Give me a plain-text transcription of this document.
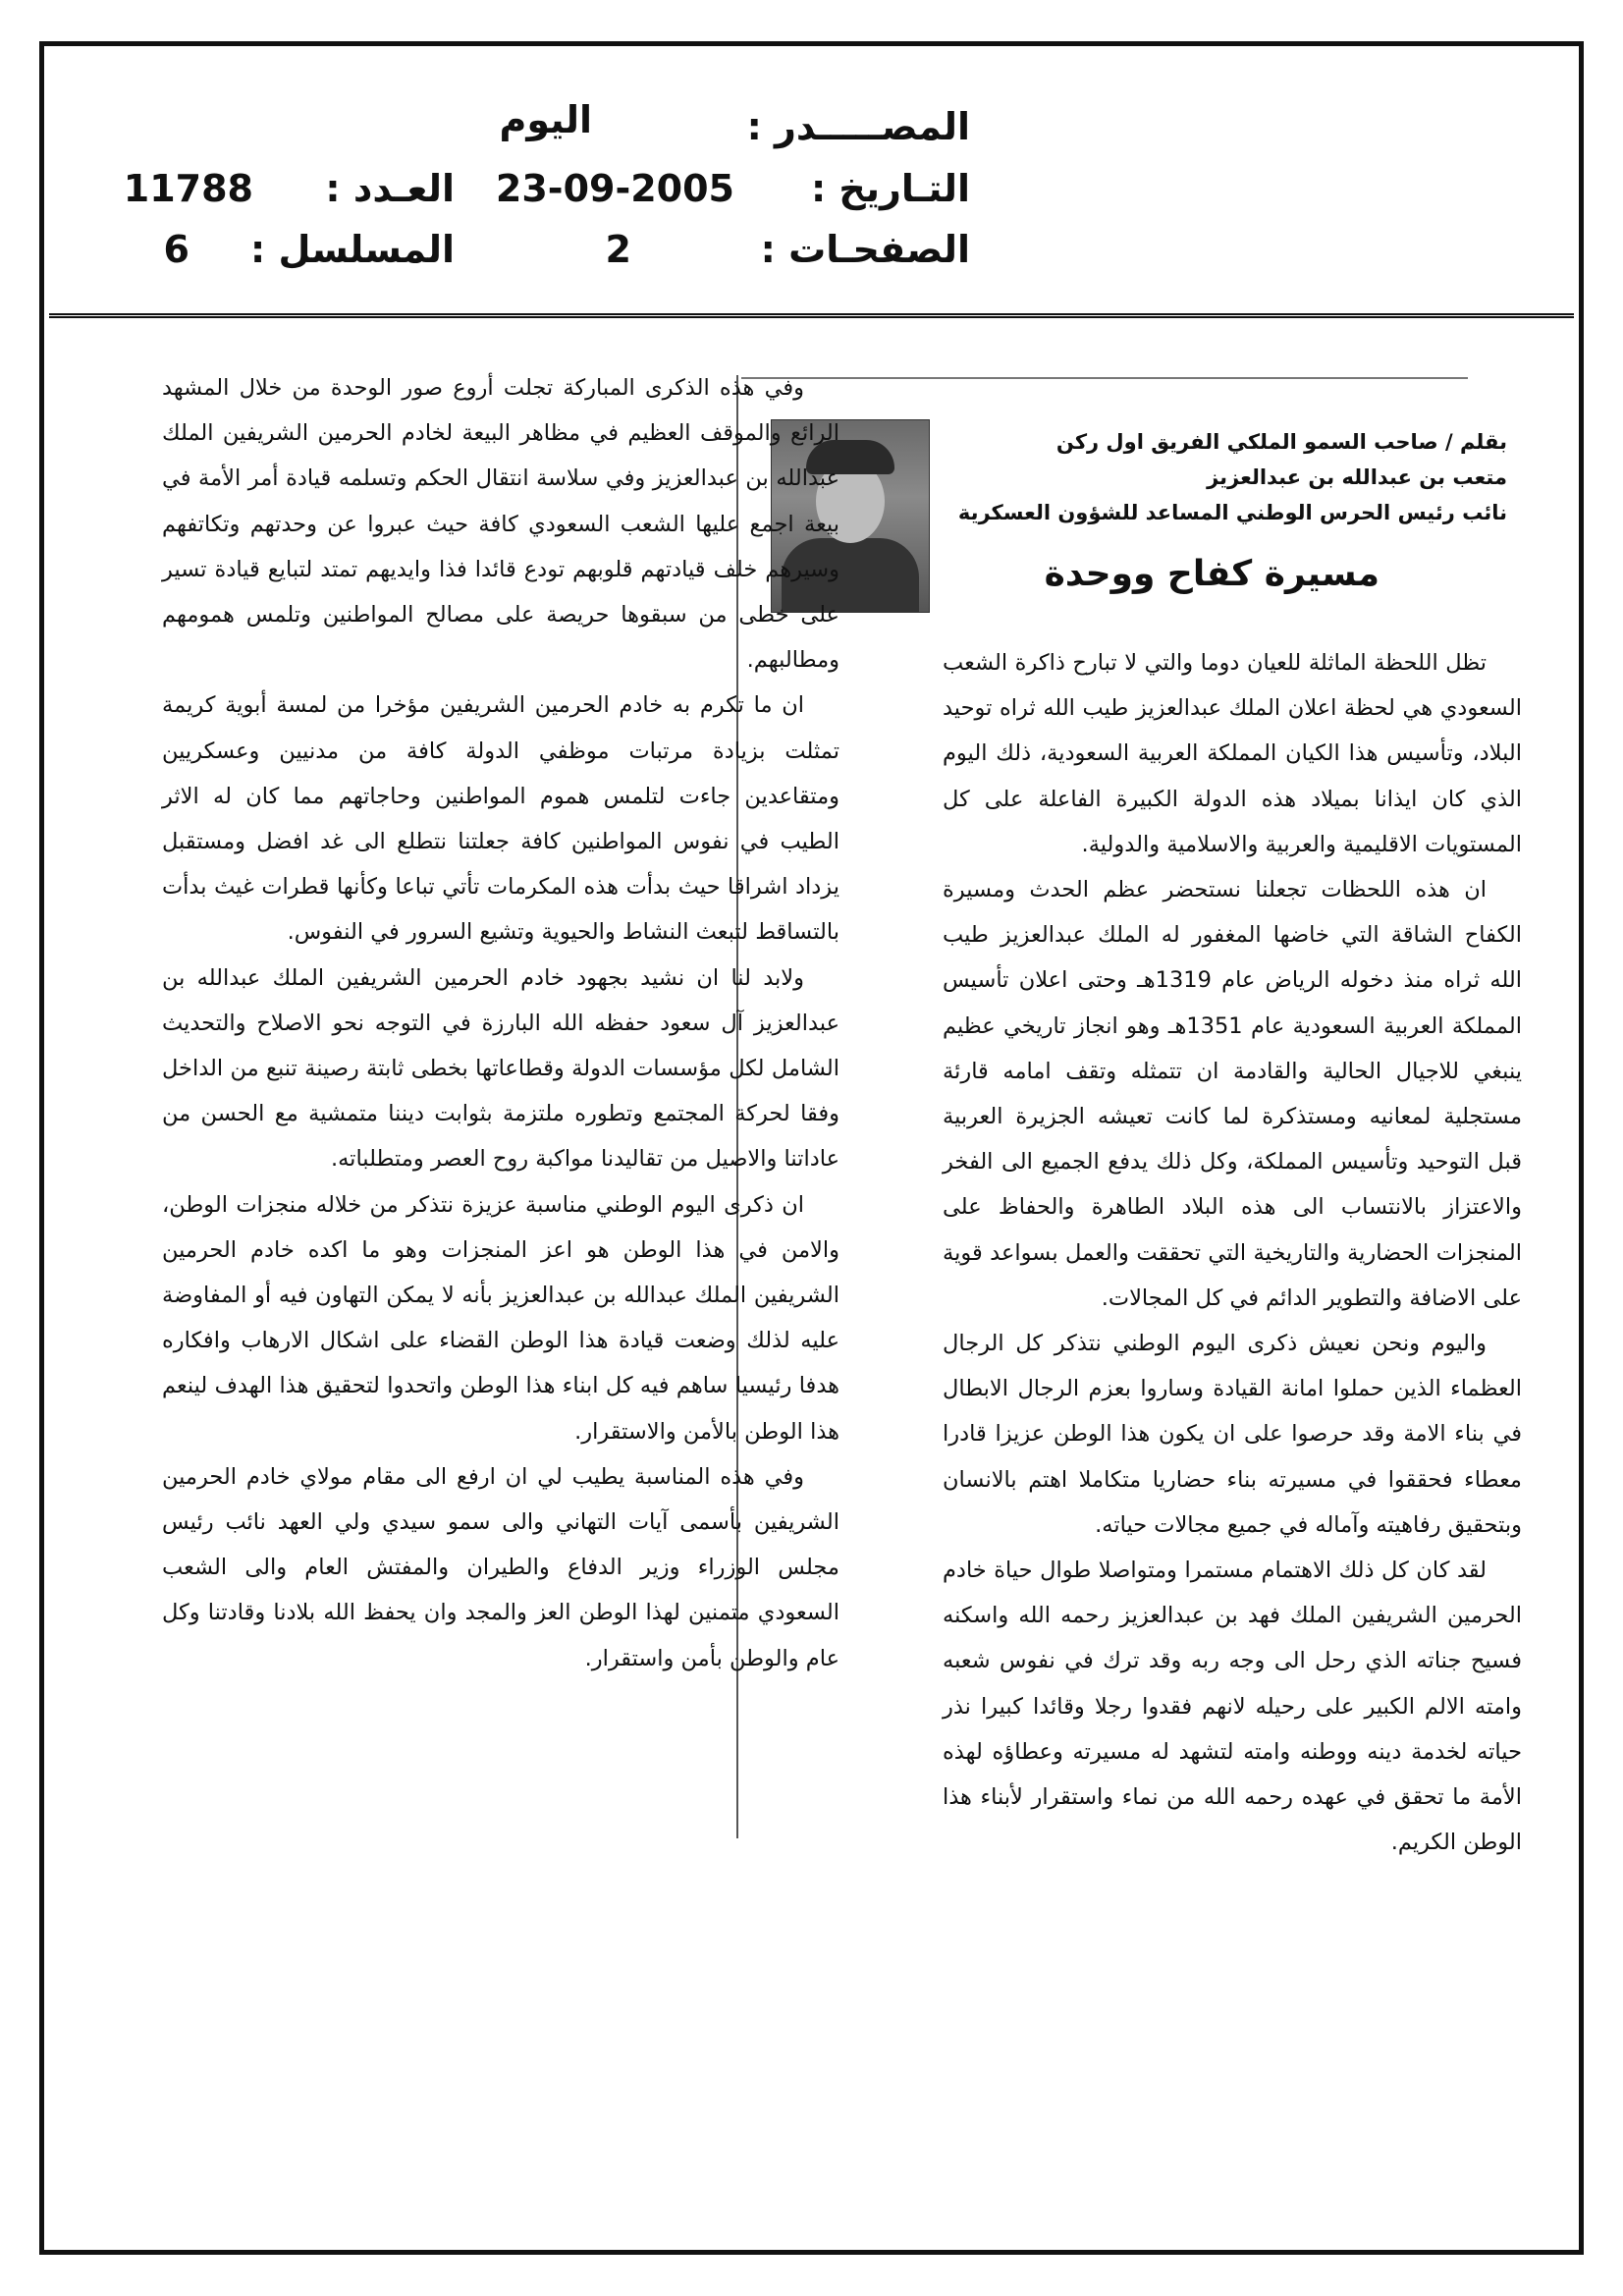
المصـــــدر :
اليوم
التـاريخ :
23-09-2005
العـدد :
11788
الصفحـات :
2
المسلسل :
6
بقلم / صاحب السمو الملكي الفريق اول ركن
متعب بن عبدالله بن عبدالعزيز
نائب رئيس الحرس الوطني المساعد للشؤون العسكرية
مسيرة كفاح ووحدة

تظل اللحظة الماثلة للعيان دوما والتي لا تبارح ذاكرة الشعب السعودي هي لحظة اعلان الملك عبدالعزيز طيب الله ثراه توحيد البلاد، وتأسيس هذا الكيان المملكة العربية السعودية، ذلك اليوم الذي كان ايذانا بميلاد هذه الدولة الكبيرة الفاعلة على كل المستويات الاقليمية والعربية والاسلامية والدولية.

ان هذه اللحظات تجعلنا نستحضر عظم الحدث ومسيرة الكفاح الشاقة التي خاضها المغفور له الملك عبدالعزيز طيب الله ثراه منذ دخوله الرياض عام 1319هـ وحتى اعلان تأسيس المملكة العربية السعودية عام 1351هـ وهو انجاز تاريخي عظيم ينبغي للاجيال الحالية والقادمة ان تتمثله وتقف امامه قارئة مستجلية لمعانيه ومستذكرة لما كانت تعيشه الجزيرة العربية قبل التوحيد وتأسيس المملكة، وكل ذلك يدفع الجميع الى الفخر والاعتزاز بالانتساب الى هذه البلاد الطاهرة والحفاظ على المنجزات الحضارية والتاريخية التي تحققت والعمل بسواعد قوية على الاضافة والتطوير الدائم في كل المجالات.

واليوم ونحن نعيش ذكرى اليوم الوطني نتذكر كل الرجال العظماء الذين حملوا امانة القيادة وساروا بعزم الرجال الابطال في بناء الامة وقد حرصوا على ان يكون هذا الوطن عزيزا قادرا معطاء فحققوا في مسيرته بناء حضاريا متكاملا اهتم بالانسان وبتحقيق رفاهيته وآماله في جميع مجالات حياته.

لقد كان كل ذلك الاهتمام مستمرا ومتواصلا طوال حياة خادم الحرمين الشريفين الملك فهد بن عبدالعزيز رحمه الله واسكنه فسيح جناته الذي رحل الى وجه ربه وقد ترك في نفوس شعبه وامته الالم الكبير على رحيله لانهم فقدوا رجلا وقائدا كبيرا نذر حياته لخدمة دينه ووطنه وامته لتشهد له مسيرته وعطاؤه لهذه الأمة ما تحقق في عهده رحمه الله من نماء واستقرار لأبناء هذا الوطن الكريم.

وفي هذه الذكرى المباركة تجلت أروع صور الوحدة من خلال المشهد الرائع والموقف العظيم في مظاهر البيعة لخادم الحرمين الشريفين الملك عبدالله بن عبدالعزيز وفي سلاسة انتقال الحكم وتسلمه قيادة أمر الأمة في بيعة اجمع عليها الشعب السعودي كافة حيث عبروا عن وحدتهم وتكاتفهم وسيرهم خلف قيادتهم قلوبهم تودع قائدا فذا وايديهم تمتد لتبايع قيادة تسير على خطى من سبقوها حريصة على مصالح المواطنين وتلمس همومهم ومطالبهم.

ان ما تكرم به خادم الحرمين الشريفين مؤخرا من لمسة أبوية كريمة تمثلت بزيادة مرتبات موظفي الدولة كافة من مدنيين وعسكريين ومتقاعدين جاءت لتلمس هموم المواطنين وحاجاتهم مما كان له الاثر الطيب في نفوس المواطنين كافة جعلتنا نتطلع الى غد افضل ومستقبل يزداد اشراقا حيث بدأت هذه المكرمات تأتي تباعا وكأنها قطرات غيث بدأت بالتساقط لتبعث النشاط والحيوية وتشيع السرور في النفوس.

ولابد لنا ان نشيد بجهود خادم الحرمين الشريفين الملك عبدالله بن عبدالعزيز آل سعود حفظه الله البارزة في التوجه نحو الاصلاح والتحديث الشامل لكل مؤسسات الدولة وقطاعاتها بخطى ثابتة رصينة تنبع من الداخل وفقا لحركة المجتمع وتطوره ملتزمة بثوابت ديننا متمشية مع الحسن من عاداتنا والاصيل من تقاليدنا مواكبة روح العصر ومتطلباته.

ان ذكرى اليوم الوطني مناسبة عزيزة نتذكر من خلاله منجزات الوطن، والامن في هذا الوطن هو اعز المنجزات وهو ما اكده خادم الحرمين الشريفين الملك عبدالله بن عبدالعزيز بأنه لا يمكن التهاون فيه أو المفاوضة عليه لذلك وضعت قيادة هذا الوطن القضاء على اشكال الارهاب وافكاره هدفا رئيسيا ساهم فيه كل ابناء هذا الوطن واتحدوا لتحقيق هذا الهدف لينعم هذا الوطن بالأمن والاستقرار.

وفي هذه المناسبة يطيب لي ان ارفع الى مقام مولاي خادم الحرمين الشريفين بأسمى آيات التهاني والى سمو سيدي ولي العهد نائب رئيس مجلس الوزراء وزير الدفاع والطيران والمفتش العام والى الشعب السعودي متمنين لهذا الوطن العز والمجد وان يحفظ الله بلادنا وقادتنا وكل عام والوطن بأمن واستقرار.
